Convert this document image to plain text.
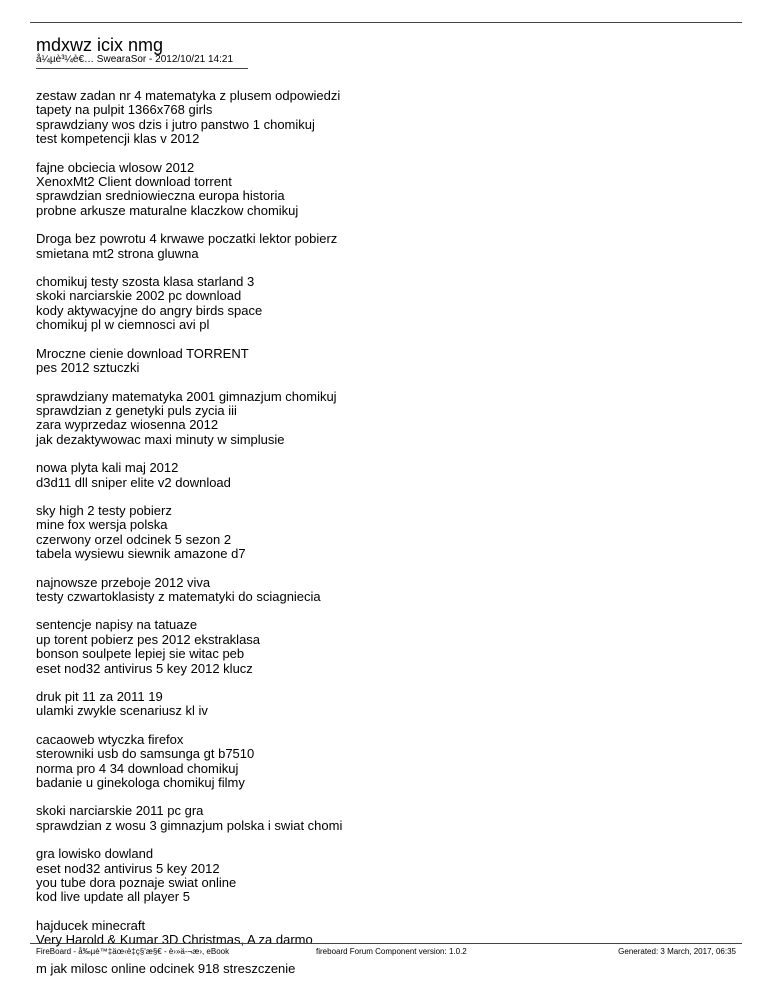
mdxwz icix nmg
å¼µè³¼è€… SwearaSor - 2012/10/21 14:21
zestaw zadan nr 4 matematyka z plusem odpowiedzi
tapety na pulpit 1366x768 girls
sprawdziany wos dzis i jutro panstwo 1 chomikuj
test kompetencji klas v 2012
fajne obciecia wlosow 2012
XenoxMt2 Client download torrent
sprawdzian sredniowieczna europa historia
probne arkusze maturalne klaczkow chomikuj
Droga bez powrotu 4 krwawe poczatki lektor pobierz
smietana mt2 strona gluwna
chomikuj testy szosta klasa starland 3
skoki narciarskie 2002 pc download
kody aktywacyjne do angry birds space
chomikuj pl w ciemnosci avi pl
Mroczne cienie download TORRENT
pes 2012 sztuczki
sprawdziany matematyka 2001 gimnazjum chomikuj
sprawdzian z genetyki puls zycia iii
zara wyprzedaz wiosenna 2012
jak dezaktywowac maxi minuty w simplusie
nowa plyta kali maj 2012
d3d11 dll sniper elite v2 download
sky high 2 testy pobierz
mine fox wersja polska
czerwony orzel odcinek 5 sezon 2
tabela wysiewu siewnik amazone d7
najnowsze przeboje 2012 viva
testy czwartoklasisty z matematyki do sciagniecia
sentencje napisy na tatuaze
up torent pobierz pes 2012 ekstraklasa
bonson soulpete lepiej sie witac peb
eset nod32 antivirus 5 key 2012 klucz
druk pit 11 za 2011 19
ulamki zwykle scenariusz kl iv
cacaoweb wtyczka firefox
sterowniki usb do samsunga gt b7510
norma pro 4 34 download chomikuj
badanie u ginekologa chomikuj filmy
skoki narciarskie 2011 pc gra
sprawdzian z wosu 3 gimnazjum polska i swiat chomi
gra lowisko dowland
eset nod32 antivirus 5 key 2012
you tube dora poznaje swiat online
kod live update all player 5
hajducek minecraft
Very Harold & Kumar 3D Christmas, A za darmo
m jak milosc online odcinek 918 streszczenie
FireBoard - å‰µè™‡äœ‹è‡ç§'æ§€ - è›»ä-¬æ›, eBook	fireboard Forum Component version: 1.0.2	Generated: 3 March, 2017, 06:35
